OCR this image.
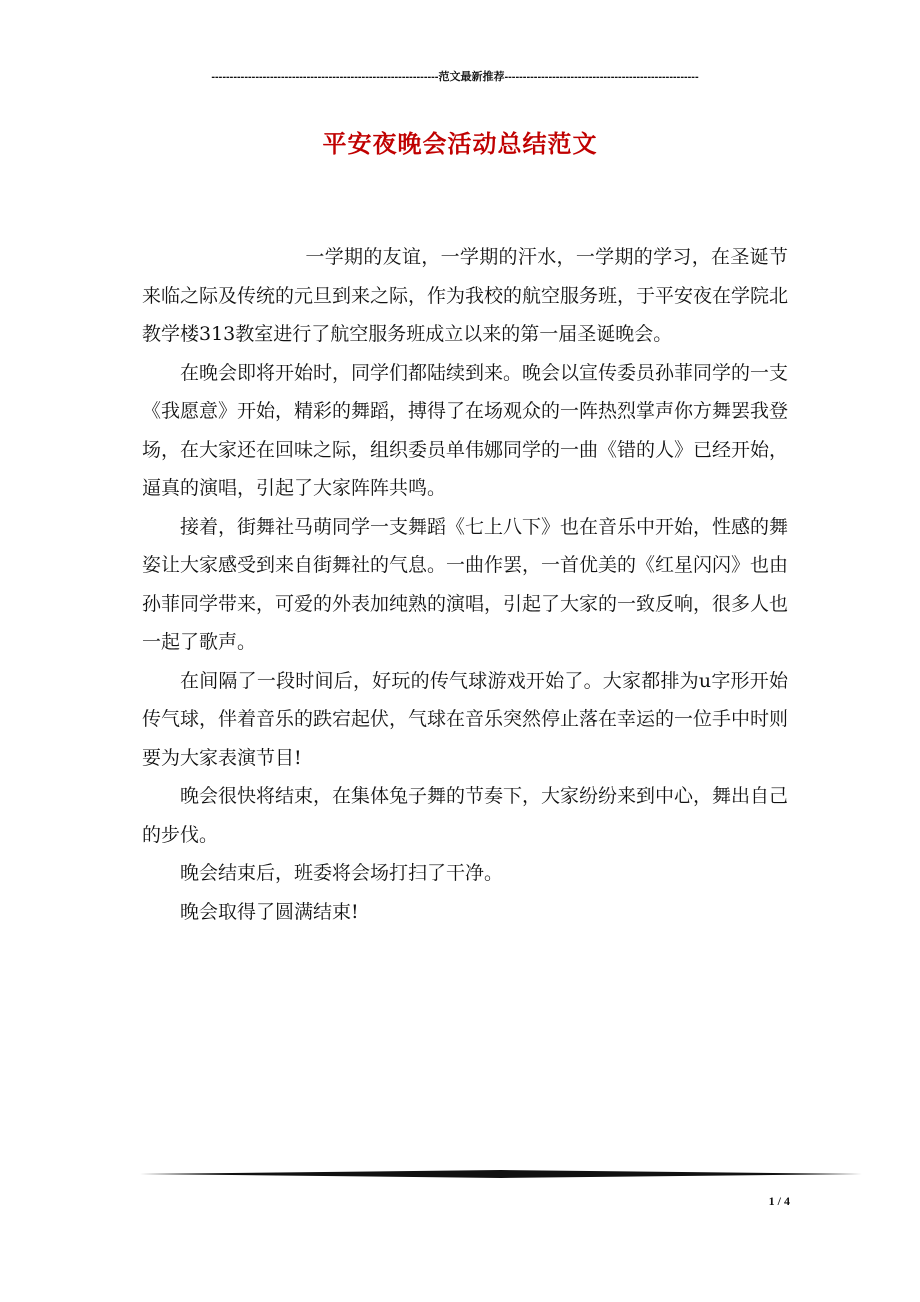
--------------------------------------------------------------范文最新推荐-----------------------------------------------------
平安夜晚会活动总结范文

一学期的友谊，一学期的汗水，一学期的学习，在圣诞节来临之际及传统的元旦到来之际，作为我校的航空服务班，于平安夜在学院北教学楼313教室进行了航空服务班成立以来的第一届圣诞晚会。

在晚会即将开始时，同学们都陆续到来。晚会以宣传委员孙菲同学的一支《我愿意》开始，精彩的舞蹈，搏得了在场观众的一阵热烈掌声你方舞罢我登场，在大家还在回味之际，组织委员单伟娜同学的一曲《错的人》已经开始，逼真的演唱，引起了大家阵阵共鸣。

接着，街舞社马萌同学一支舞蹈《七上八下》也在音乐中开始，性感的舞姿让大家感受到来自街舞社的气息。一曲作罢，一首优美的《红星闪闪》也由孙菲同学带来，可爱的外表加纯熟的演唱，引起了大家的一致反响，很多人也一起了歌声。

在间隔了一段时间后，好玩的传气球游戏开始了。大家都排为u字形开始传气球，伴着音乐的跌宕起伏，气球在音乐突然停止落在幸运的一位手中时则要为大家表演节目!

晚会很快将结束，在集体兔子舞的节奏下，大家纷纷来到中心，舞出自己的步伐。

晚会结束后，班委将会场打扫了干净。

晚会取得了圆满结束!

1 / 4
